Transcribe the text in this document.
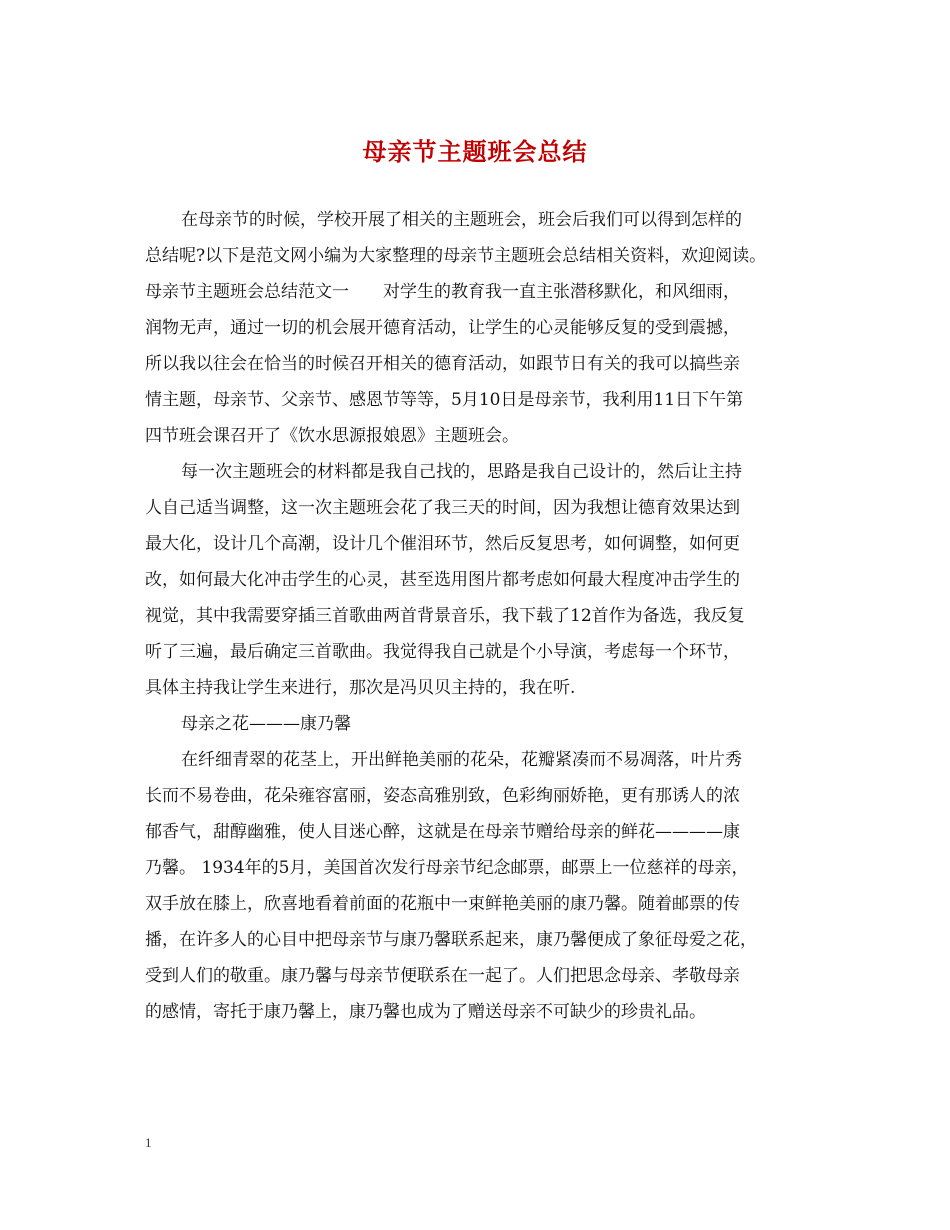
母亲节主题班会总结
在母亲节的时候，学校开展了相关的主题班会，班会后我们可以得到怎样的
总结呢?以下是范文网小编为大家整理的母亲节主题班会总结相关资料，欢迎阅读。
母亲节主题班会总结范文一　　对学生的教育我一直主张潜移默化，和风细雨，
润物无声，通过一切的机会展开德育活动，让学生的心灵能够反复的受到震撼，
所以我以往会在恰当的时候召开相关的德育活动，如跟节日有关的我可以搞些亲
情主题，母亲节、父亲节、感恩节等等，5月10日是母亲节，我利用11日下午第
四节班会课召开了《饮水思源报娘恩》主题班会。
每一次主题班会的材料都是我自己找的，思路是我自己设计的，然后让主持
人自己适当调整，这一次主题班会花了我三天的时间，因为我想让德育效果达到
最大化，设计几个高潮，设计几个催泪环节，然后反复思考，如何调整，如何更
改，如何最大化冲击学生的心灵，甚至选用图片都考虑如何最大程度冲击学生的
视觉，其中我需要穿插三首歌曲两首背景音乐，我下载了12首作为备选，我反复
听了三遍，最后确定三首歌曲。我觉得我自己就是个小导演，考虑每一个环节，
具体主持我让学生来进行，那次是冯贝贝主持的，我在听.
母亲之花———康乃馨
在纤细青翠的花茎上，开出鲜艳美丽的花朵，花瓣紧凑而不易凋落，叶片秀
长而不易卷曲，花朵雍容富丽，姿态高雅别致，色彩绚丽娇艳，更有那诱人的浓
郁香气，甜醇幽雅，使人目迷心醉，这就是在母亲节赠给母亲的鲜花————康
乃馨。 1934年的5月，美国首次发行母亲节纪念邮票，邮票上一位慈祥的母亲，
双手放在膝上，欣喜地看着前面的花瓶中一束鲜艳美丽的康乃馨。随着邮票的传
播，在许多人的心目中把母亲节与康乃馨联系起来，康乃馨便成了象征母爱之花，
受到人们的敬重。康乃馨与母亲节便联系在一起了。人们把思念母亲、孝敬母亲
的感情，寄托于康乃馨上，康乃馨也成为了赠送母亲不可缺少的珍贵礼品。
1
